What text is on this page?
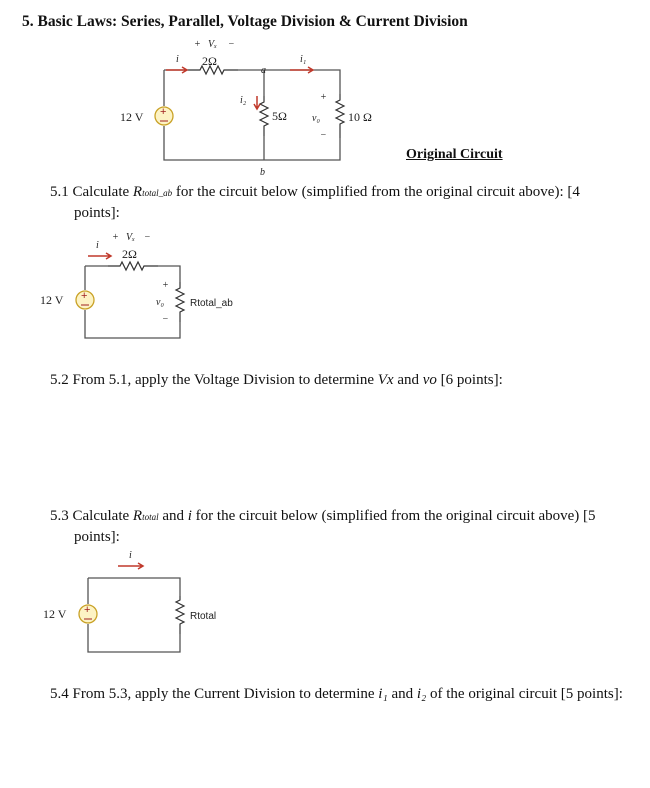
5. Basic Laws: Series, Parallel, Voltage Division & Current Division
+
12 V
i 2Ω
+ Vₓ −
a
i₁
i₂
5Ω
+
v₀
−
10 Ω
b
+
12 V
i
2Ω
+ Vₓ −
+
v₀
−
Rtotal_ab
+
12 V
i
Rtotal
Original Circuit
5.1 Calculate Rtotal_ab for the circuit below (simplified from the original circuit above): [4 points]:
5.2 From 5.1, apply the Voltage Division to determine Vx and vo [6 points]:
5.3 Calculate Rtotal and i for the circuit below (simplified from the original circuit above) [5 points]:
5.4 From 5.3, apply the Current Division to determine i₁ and i₂ of the original circuit [5 points]:
